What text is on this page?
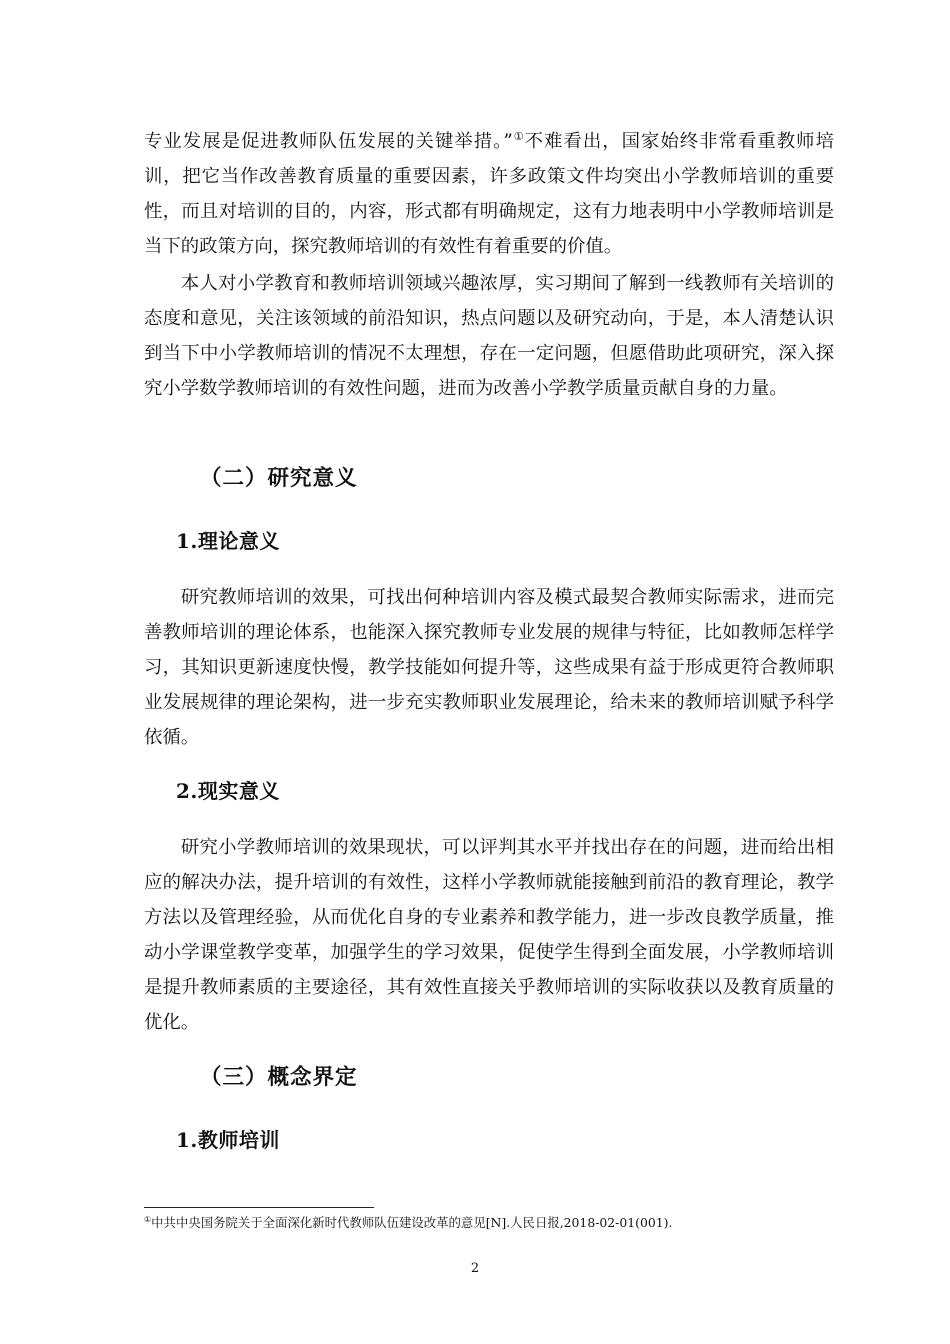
专业发展是促进教师队伍发展的关键举措。”①不难看出，国家始终非常看重教师培训，把它当作改善教育质量的重要因素，许多政策文件均突出小学教师培训的重要性，而且对培训的目的，内容，形式都有明确规定，这有力地表明中小学教师培训是当下的政策方向，探究教师培训的有效性有着重要的价值。
本人对小学教育和教师培训领域兴趣浓厚，实习期间了解到一线教师有关培训的态度和意见，关注该领域的前沿知识，热点问题以及研究动向，于是，本人清楚认识到当下中小学教师培训的情况不太理想，存在一定问题，但愿借助此项研究，深入探究小学数学教师培训的有效性问题，进而为改善小学教学质量贡献自身的力量。
（二）研究意义
1.理论意义
研究教师培训的效果，可找出何种培训内容及模式最契合教师实际需求，进而完善教师培训的理论体系，也能深入探究教师专业发展的规律与特征，比如教师怎样学习，其知识更新速度快慢，教学技能如何提升等，这些成果有益于形成更符合教师职业发展规律的理论架构，进一步充实教师职业发展理论，给未来的教师培训赋予科学依循。
2.现实意义
研究小学教师培训的效果现状，可以评判其水平并找出存在的问题，进而给出相应的解决办法，提升培训的有效性，这样小学教师就能接触到前沿的教育理论，教学方法以及管理经验，从而优化自身的专业素养和教学能力，进一步改良教学质量，推动小学课堂教学变革，加强学生的学习效果，促使学生得到全面发展，小学教师培训是提升教师素质的主要途径，其有效性直接关乎教师培训的实际收获以及教育质量的优化。
（三）概念界定
1.教师培训
①中共中央国务院关于全面深化新时代教师队伍建设改革的意见[N].人民日报,2018-02-01(001).
2
